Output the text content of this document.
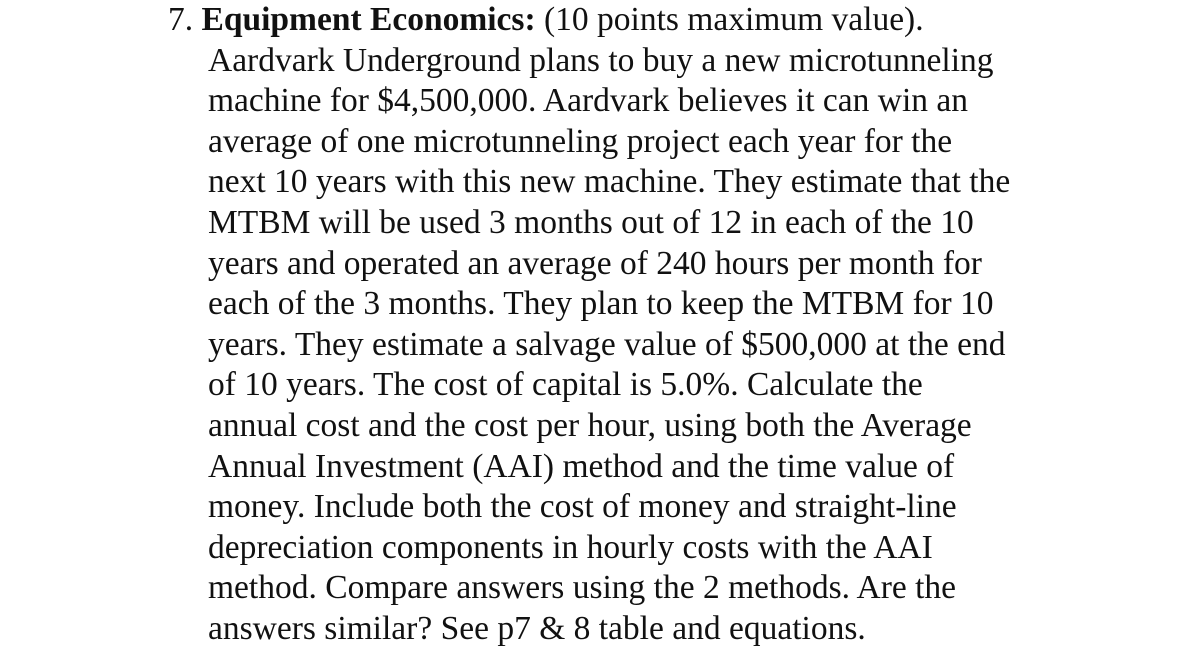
7. Equipment Economics: (10 points maximum value).
Aardvark Underground plans to buy a new microtunneling
machine for $4,500,000. Aardvark believes it can win an
average of one microtunneling project each year for the
next 10 years with this new machine. They estimate that the
MTBM will be used 3 months out of 12 in each of the 10
years and operated an average of 240 hours per month for
each of the 3 months. They plan to keep the MTBM for 10
years. They estimate a salvage value of $500,000 at the end
of 10 years. The cost of capital is 5.0%. Calculate the
annual cost and the cost per hour, using both the Average
Annual Investment (AAI) method and the time value of
money. Include both the cost of money and straight-line
depreciation components in hourly costs with the AAI
method. Compare answers using the 2 methods. Are the
answers similar? See p7 & 8 table and equations.
